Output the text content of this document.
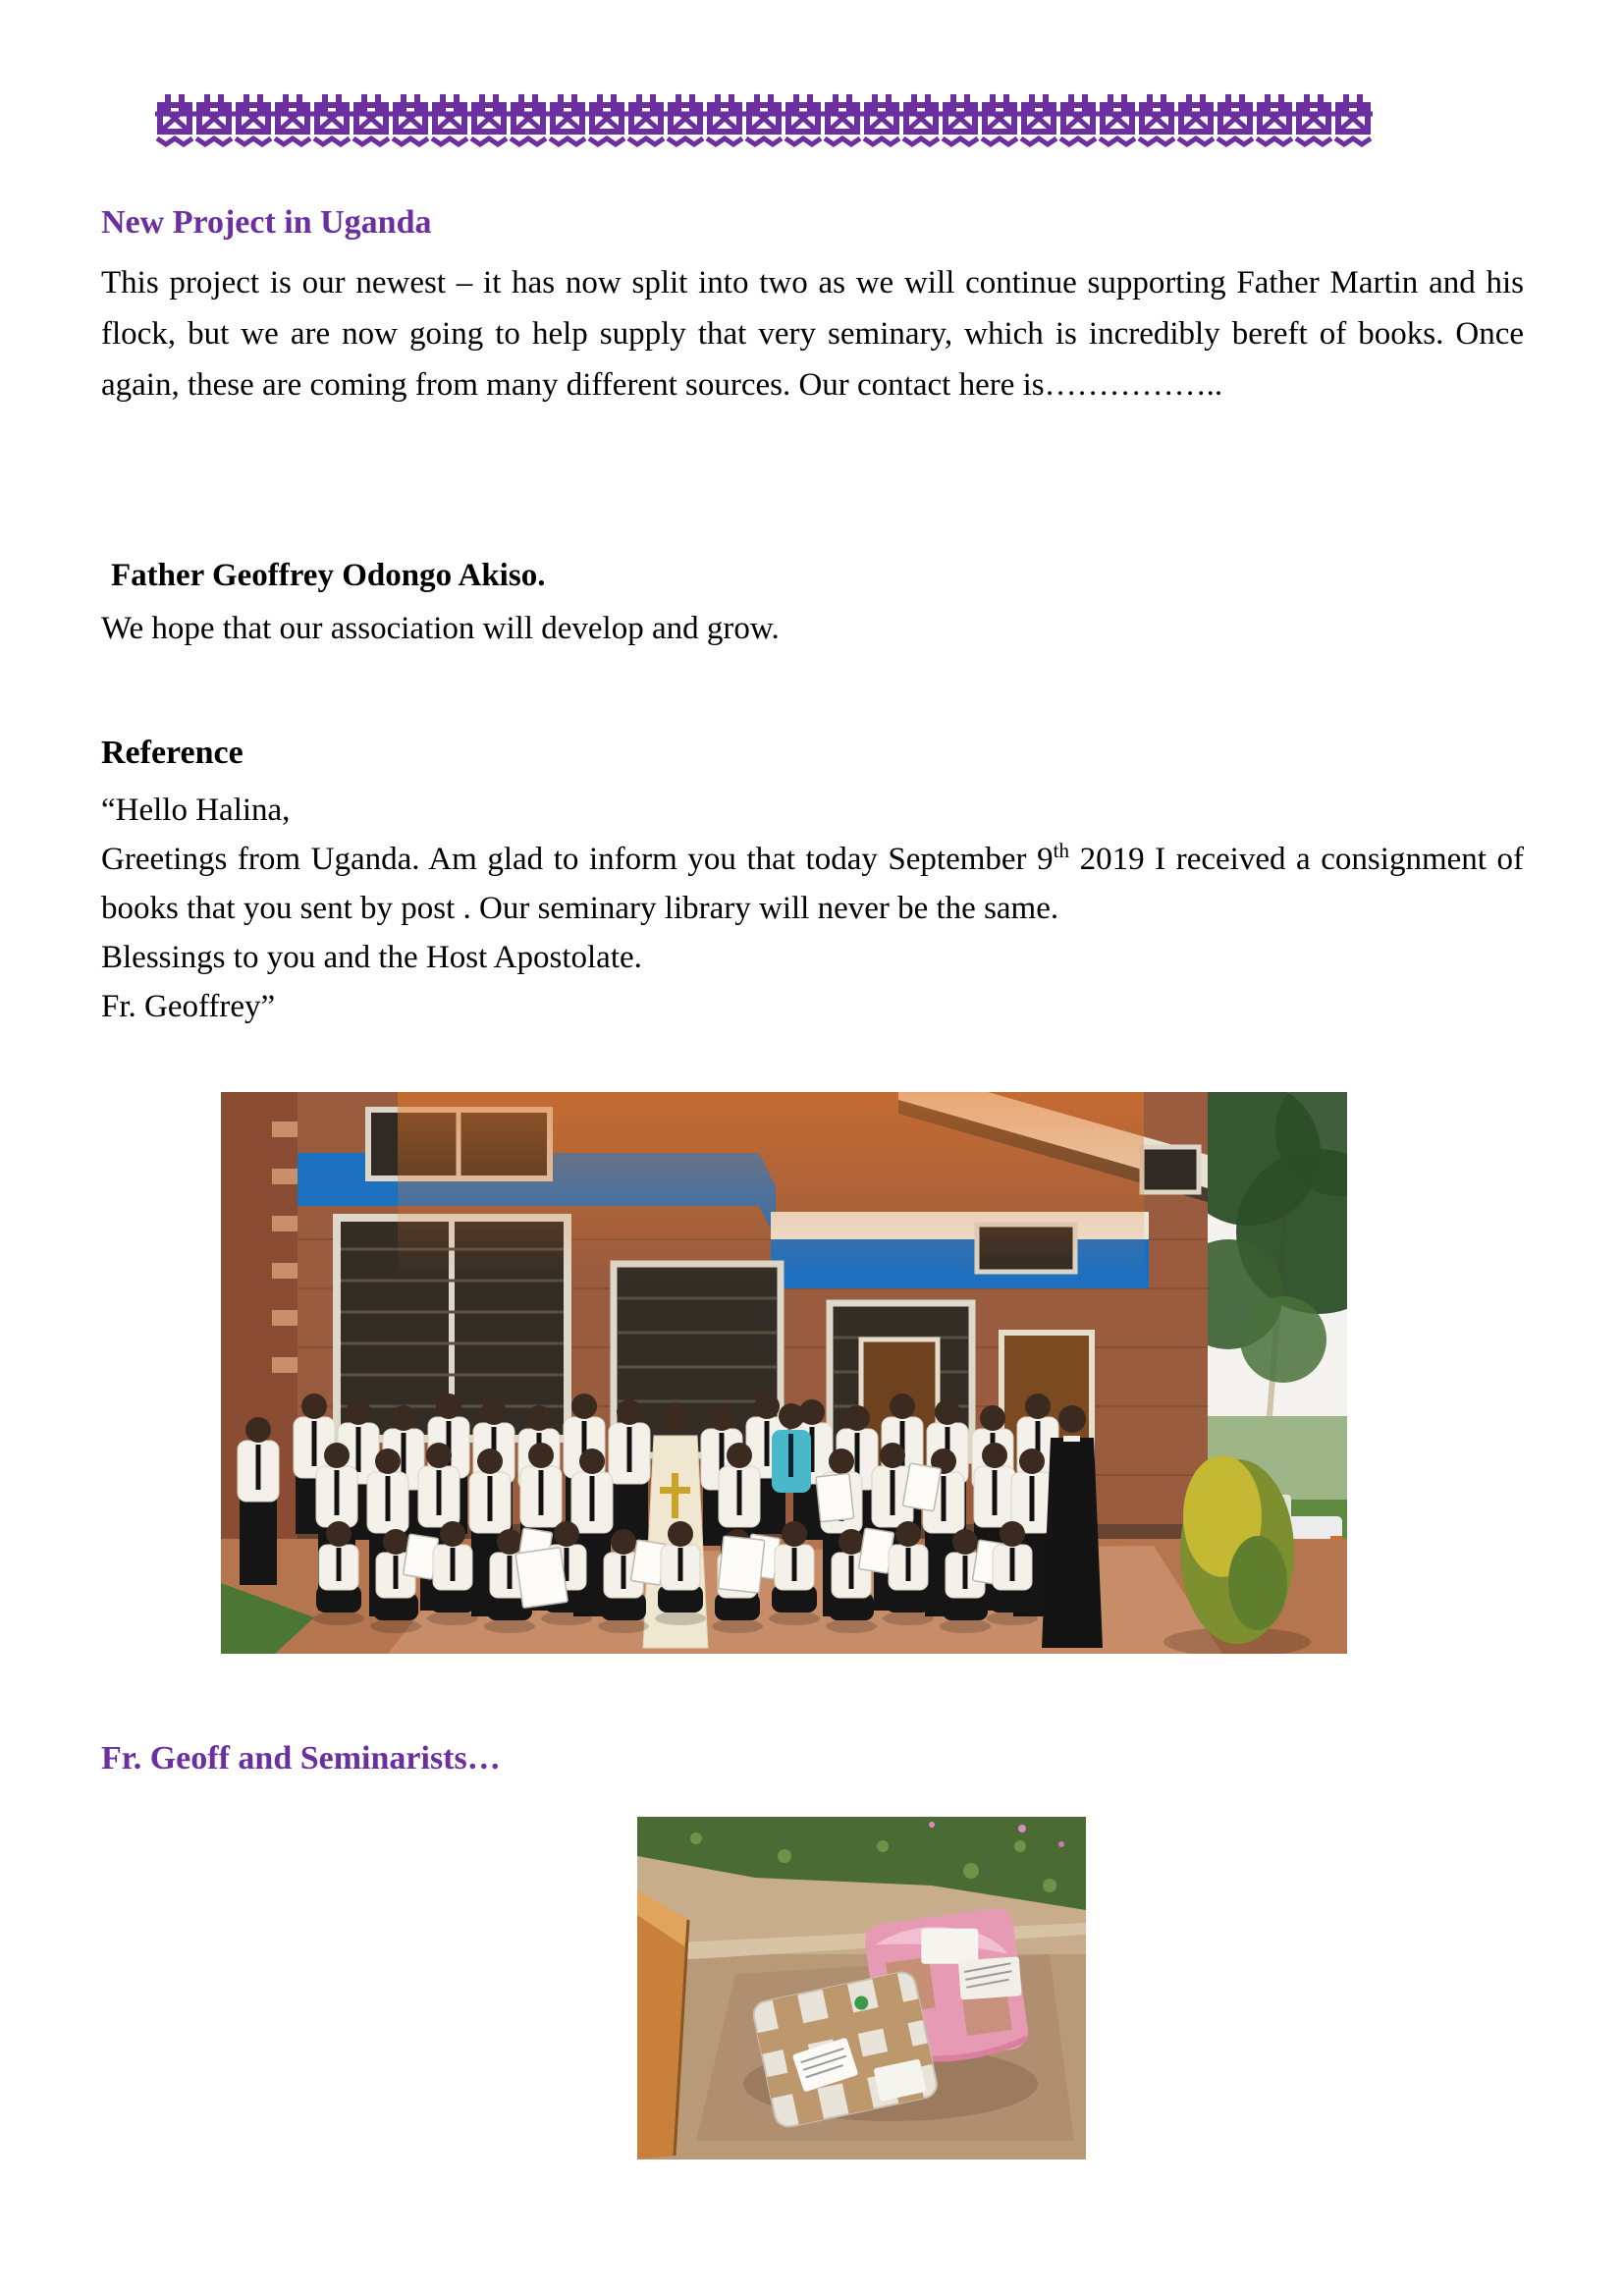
New Project in Uganda

This project is our newest – it has now split into two as we will continue supporting Father Martin and his flock, but we are now going to help supply that very seminary, which is incredibly bereft of books. Once again, these are coming from many different sources. Our contact here is……………..

Father Geoffrey Odongo Akiso.

We hope that our association will develop and grow.

Reference

“Hello Halina,

Greetings from Uganda. Am glad to inform you that today September 9th 2019 I received a consignment of books that you sent by post . Our seminary library will never be the same.

Blessings to you and the Host Apostolate.

Fr. Geoffrey”

Fr. Geoff and Seminarists…
